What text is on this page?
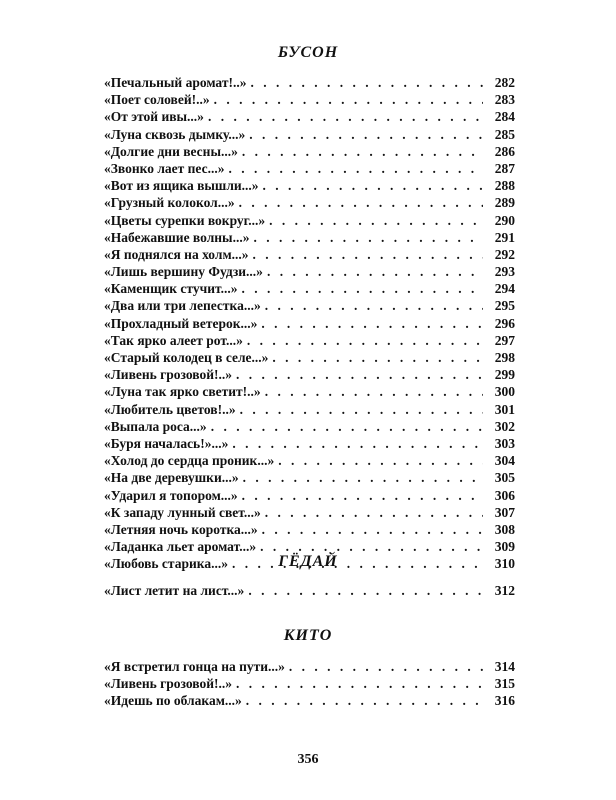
БУСОН
«Печальный аромат!..» . . .	282
«Поет соловей!..» . . .	283
«От этой ивы...» . . .	284
«Луна сквозь дымку...» . . .	285
«Долгие дни весны...» . . .	286
«Звонко лает пес...» . . .	287
«Вот из ящика вышли...» . . .	288
«Грузный колокол...» . . .	289
«Цветы сурепки вокруг...» . . .	290
«Набежавшие волны...» . . .	291
«Я поднялся на холм...» . . .	292
«Лишь вершину Фудзи...» . . .	293
«Каменщик стучит...» . . .	294
«Два или три лепестка...» . . .	295
«Прохладный ветерок...» . . .	296
«Так ярко алеет рот...» . . .	297
«Старый колодец в селе...» . . .	298
«Ливень грозовой!..» . . .	299
«Луна так ярко светит!..» . . .	300
«Любитель цветов!..» . . .	301
«Выпала роса...» . . .	302
«Буря началась!»...» . . .	303
«Холод до сердца проник...» . . .	304
«На две деревушки...» . . .	305
«Ударил я топором...» . . .	306
«К западу лунный свет...» . . .	307
«Летняя ночь коротка...» . . .	308
«Ладанка льет аромат...» . . .	309
«Любовь старика...» . . .	310
ГЁДАЙ
«Лист летит на лист...» . . .	312
КИТО
«Я встретил гонца на пути...» . . .	314
«Ливень грозовой!..» . . .	315
«Идешь по облакам...» . . .	316
356
